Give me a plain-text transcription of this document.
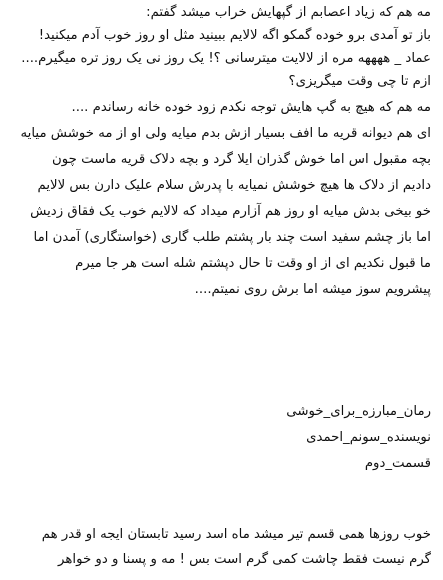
مه هم که زیاد اعصابم از گپهایش خراب میشد گفتم:
باز تو آمدی برو خوده گمکو اگه لالایم ببینید مثل او روز خوب آدم میکنید!
عماد _ ههههه مره از لالایت میترسانی ؟! یک روز نی یک روز تره میگیرم....
ازم تا چی وقت میگریزی؟
مه هم که هیچ به گپ هایش توجه نکدم زود خوده خانه رساندم ....
ای هم دیوانه قریه ما افف بسیار ازش بدم میایه ولی او از مه خوشش میایه
بچه مقبول اس اما خوش گذران ایلا گرد و بچه دلاک قریه ماست چون
دادیم از دلاک ها هیچ خوشش نمیایه با پدرش سلام علیک دارن بس لالایم
خو بیخی بدش میایه او روز هم آزارم میداد که لالایم خوب یک فقاق زدیش
اما باز چشم سفید است چند بار پشتم طلب گاری (خواستگاری) آمدن اما
ما قبول نکدیم ای از او وقت تا حال دپشتم شله است هر جا میرم
پیشرویم سوز میشه اما برش روی نمیتم....
رمان_مبارزه_برای_خوشی
نویسنده_سونم_احمدی
قسمت_دوم
خوب روزها همی قسم تیر میشد ماه اسد رسید تابستان ایجه او قدر هم
گرم نیست فقط چاشت کمی گرم است بس ! مه و پسنا و دو خواهر
